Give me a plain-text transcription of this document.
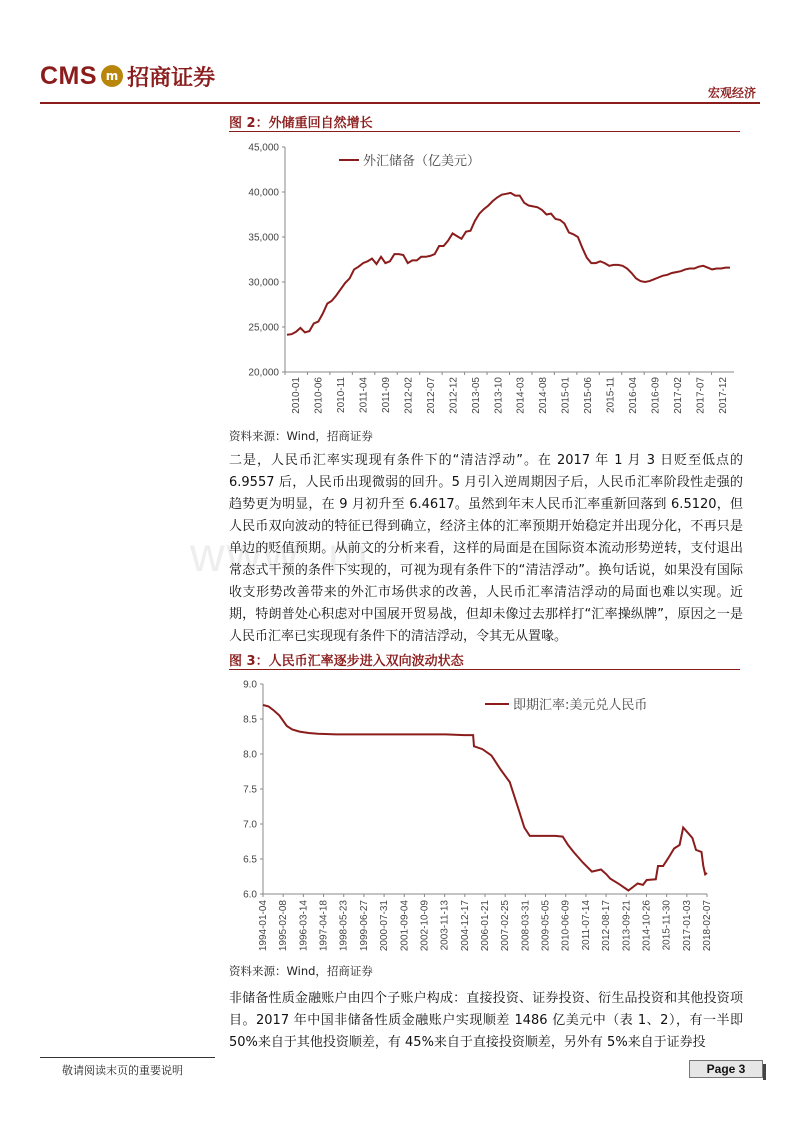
CMS m 招商证券
宏观经济
www. m
图 2：外储重回自然增长
20,000
25,000
30,000
35,000
40,000
45,000
2010-01 2010-06 2010-11 2011-04 2011-09 2012-02 2012-07 2012-12 2013-05 2013-10 2014-03 2014-08 2015-01 2015-06 2015-11 2016-04 2016-09 2017-02 2017-07 2017-12
外汇储备（亿美元）
资料来源：Wind，招商证券

二是，人民币汇率实现现有条件下的“清洁浮动”。在 2017 年 1 月 3 日贬至低点的 6.9557 后，人民币出现微弱的回升。5 月引入逆周期因子后，人民币汇率阶段性走强的趋势更为明显，在 9 月初升至 6.4617。虽然到年末人民币汇率重新回落到 6.5120，但人民币双向波动的特征已得到确立，经济主体的汇率预期开始稳定并出现分化，不再只是单边的贬值预期。从前文的分析来看，这样的局面是在国际资本流动形势逆转，支付退出常态式干预的条件下实现的，可视为现有条件下的“清洁浮动”。换句话说，如果没有国际收支形势改善带来的外汇市场供求的改善，人民币汇率清洁浮动的局面也难以实现。近期，特朗普处心积虑对中国展开贸易战，但却未像过去那样打“汇率操纵牌”，原因之一是人民币汇率已实现现有条件下的清洁浮动，令其无从置喙。

图 3：人民币汇率逐步进入双向波动状态
6.0
6.5
7.0
7.5
8.0
8.5
9.0
1994-01-04 1995-02-08 1996-03-14 1997-04-18 1998-05-23 1999-06-27 2000-07-31 2001-09-04 2002-10-09 2003-11-13 2004-12-17 2006-01-21 2007-02-25 2008-03-31 2009-05-05 2010-06-09 2011-07-14 2012-08-17 2013-09-21 2014-10-26 2015-11-30 2017-01-03 2018-02-07
即期汇率:美元兑人民币
资料来源：Wind，招商证券

非储备性质金融账户由四个子账户构成：直接投资、证券投资、衍生品投资和其他投资项目。2017 年中国非储备性质金融账户实现顺差 1486 亿美元中（表 1、2），有一半即 50%来自于其他投资顺差，有 45%来自于直接投资顺差，另外有 5%来自于证券投

敬请阅读末页的重要说明	Page 3
